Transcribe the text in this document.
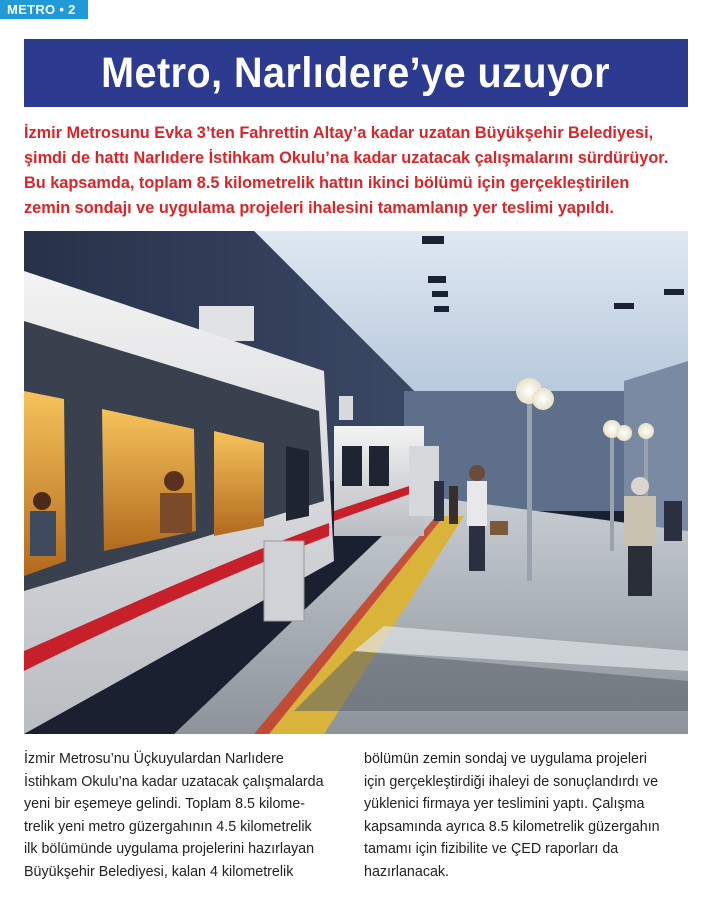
METRO • 2
Metro, Narlıdere’ye uzuyor
İzmir Metrosunu Evka 3’ten Fahrettin Altay’a kadar uzatan Büyükşehir Belediyesi,
şimdi de hattı Narlıdere İstihkam Okulu’na kadar uzatacak çalışmalarını sürdürüyor.
Bu kapsamda, toplam 8.5 kilometrelik hattın ikinci bölümü için gerçekleştirilen
zemin sondajı ve uygulama projeleri ihalesini tamamlanıp yer teslimi yapıldı.
İzmir Metrosu’nu Üçkuyulardan Narlıdere
İstihkam Okulu’na kadar uzatacak çalışmalarda
yeni bir eşemeye gelindi. Toplam 8.5 kilome-
trelik yeni metro güzergahının 4.5 kilometrelik
ilk bölümünde uygulama projelerini hazırlayan
Büyükşehir Belediyesi, kalan 4 kilometrelik
bölümün zemin sondaj ve uygulama projeleri
için gerçekleştirdiği ihaleyi de sonuçlandırdı ve
yüklenici firmaya yer teslimini yaptı. Çalışma
kapsamında ayrıca 8.5 kilometrelik güzergahın
tamamı için fizibilite ve ÇED raporları da
hazırlanacak.
